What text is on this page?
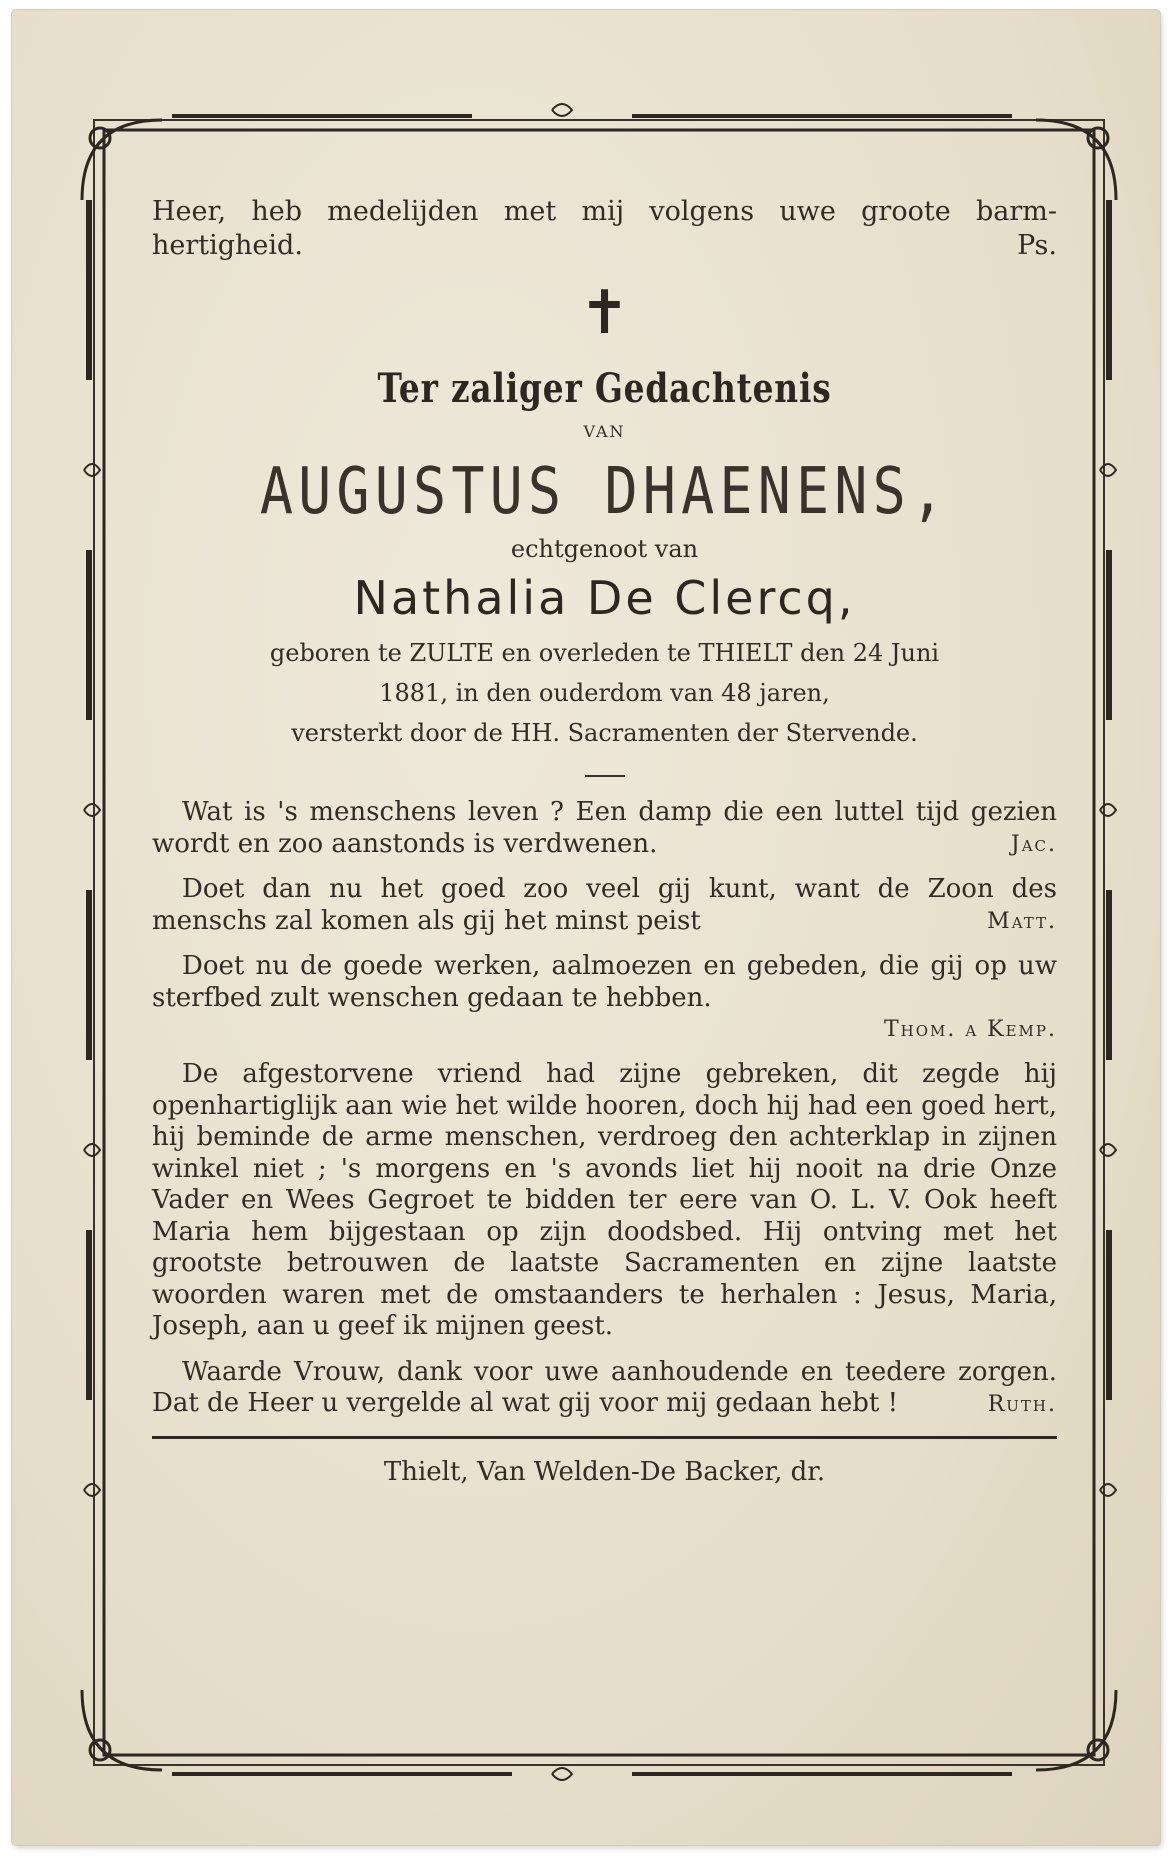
Heer, heb medelijden met mij volgens uwe groote barm-
hertigheid.	Ps.
✝
Ter zaliger Gedachtenis
VAN
AUGUSTUS DHAENENS,
echtgenoot van
Nathalia De Clercq,
geboren te ZULTE en overleden te THIELT den 24 Juni
1881, in den ouderdom van 48 jaren,
versterkt door de HH. Sacramenten der Stervende.
Wat is 's menschens leven ? Een damp die een luttel tijd gezien wordt en zoo aanstonds is verdwenen.	Jac.
Doet dan nu het goed zoo veel gij kunt, want de Zoon des menschs zal komen als gij het minst peist	Matt.
Doet nu de goede werken, aalmoezen en gebeden, die gij op uw sterfbed zult wenschen gedaan te hebben.
Thom. a Kemp.
De afgestorvene vriend had zijne gebreken, dit zegde hij openhartiglijk aan wie het wilde hooren, doch hij had een goed hert, hij beminde de arme menschen, verdroeg den achterklap in zijnen winkel niet ; 's morgens en 's avonds liet hij nooit na drie Onze Vader en Wees Gegroet te bidden ter eere van O. L. V. Ook heeft Maria hem bijgestaan op zijn doodsbed. Hij ontving met het grootste betrouwen de laatste Sacramenten en zijne laatste woorden waren met de omstaanders te herhalen : Jesus, Maria, Joseph, aan u geef ik mijnen geest.
Waarde Vrouw, dank voor uwe aanhoudende en teedere zorgen. Dat de Heer u vergelde al wat gij voor mij gedaan hebt !	Ruth.
Thielt, Van Welden-De Backer, dr.
